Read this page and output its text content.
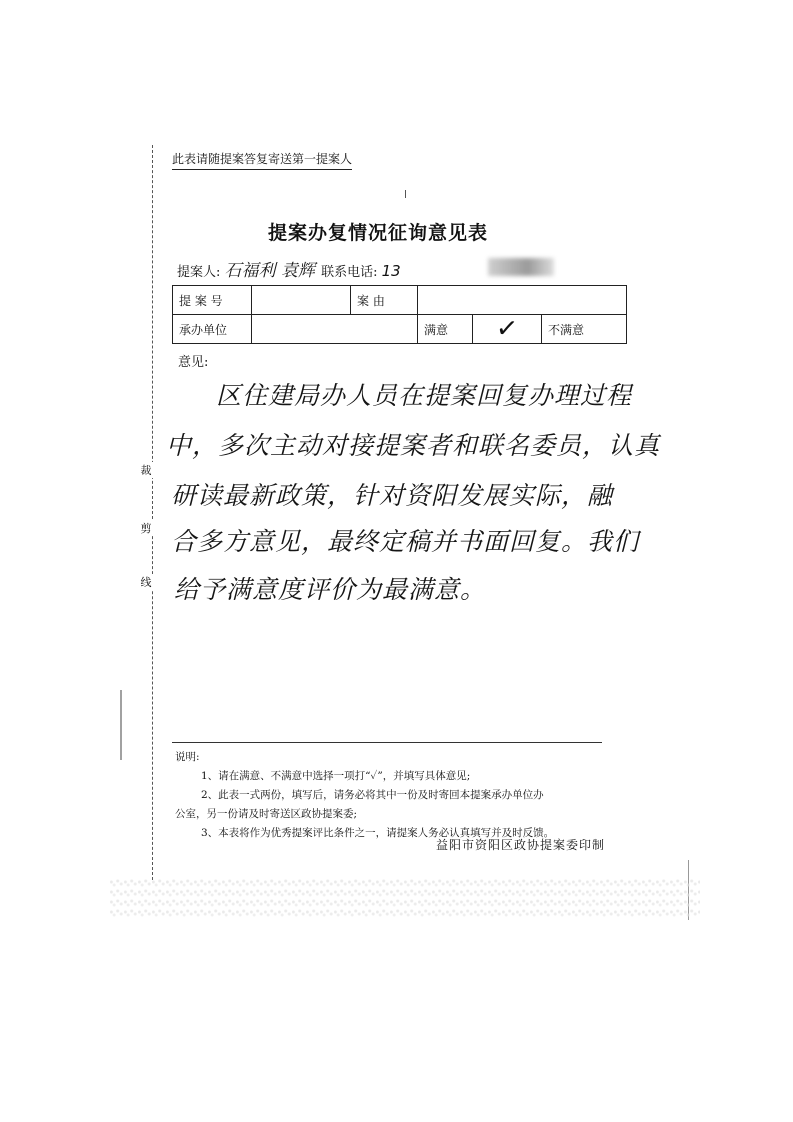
裁
剪
线
此表请随提案答复寄送第一提案人
提案办复情况征询意见表
提案人: 石福利 袁辉 联系电话: 13
提 案 号		案 由			
承办单位			满意	✓	不满意
意见:
区住建局办人员在提案回复办理过程
中，多次主动对接提案者和联名委员，认真
研读最新政策，针对资阳发展实际，融
合多方意见，最终定稿并书面回复。我们
给予满意度评价为最满意。
说明:
1、请在满意、不满意中选择一项打“✓”，并填写具体意见;
2、此表一式两份，填写后，请务必将其中一份及时寄回本提案承办单位办
公室，另一份请及时寄送区政协提案委;
3、本表将作为优秀提案评比条件之一，请提案人务必认真填写并及时反馈。
益阳市资阳区政协提案委印制
